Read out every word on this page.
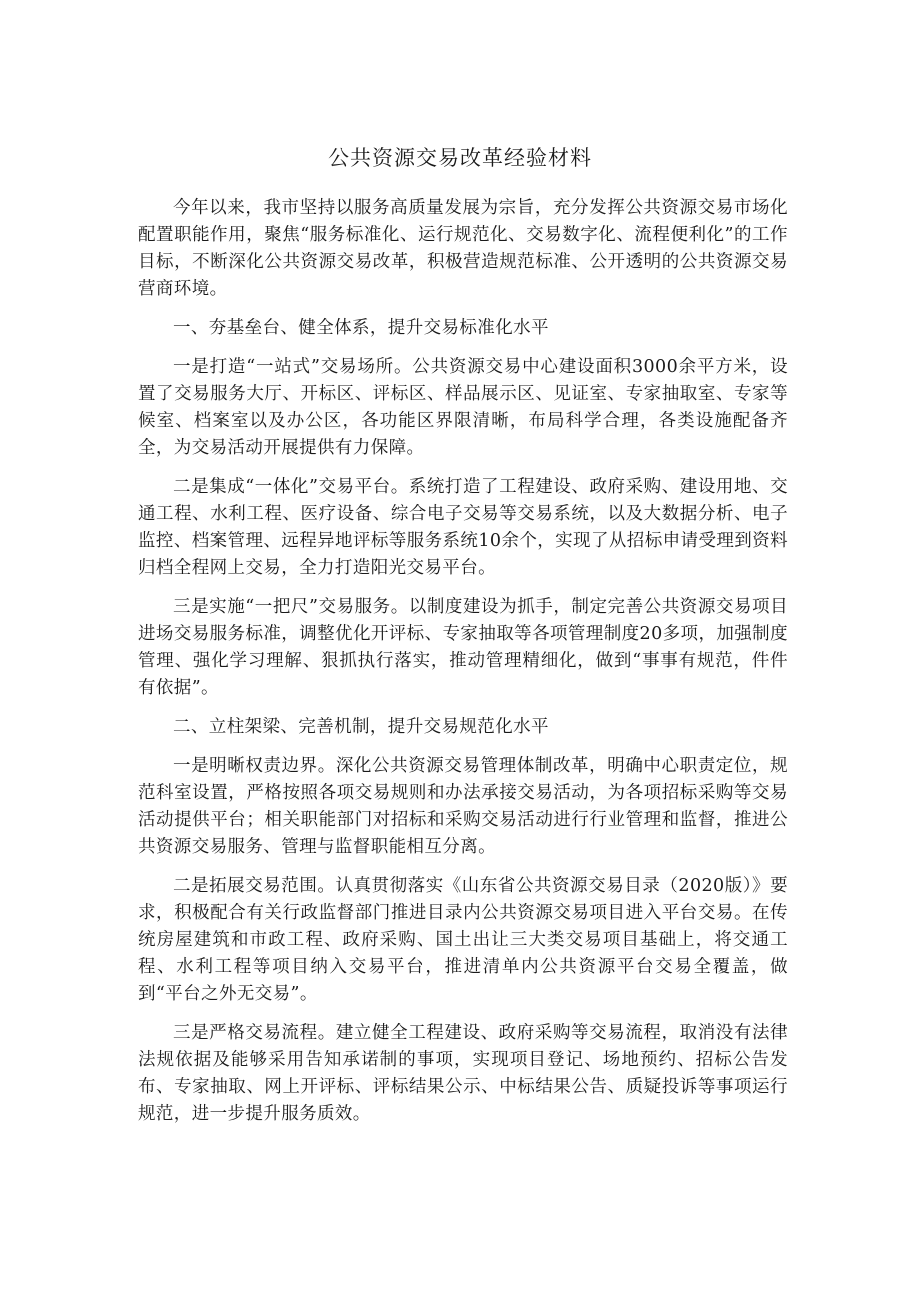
公共资源交易改革经验材料

今年以来，我市坚持以服务高质量发展为宗旨，充分发挥公共资源交易市场化配置职能作用，聚焦“服务标准化、运行规范化、交易数字化、流程便利化”的工作目标，不断深化公共资源交易改革，积极营造规范标准、公开透明的公共资源交易营商环境。

一、夯基垒台、健全体系，提升交易标准化水平

一是打造“一站式”交易场所。公共资源交易中心建设面积3000余平方米，设置了交易服务大厅、开标区、评标区、样品展示区、见证室、专家抽取室、专家等候室、档案室以及办公区，各功能区界限清晰，布局科学合理，各类设施配备齐全，为交易活动开展提供有力保障。

二是集成“一体化”交易平台。系统打造了工程建设、政府采购、建设用地、交通工程、水利工程、医疗设备、综合电子交易等交易系统，以及大数据分析、电子监控、档案管理、远程异地评标等服务系统10余个，实现了从招标申请受理到资料归档全程网上交易，全力打造阳光交易平台。

三是实施“一把尺”交易服务。以制度建设为抓手，制定完善公共资源交易项目进场交易服务标准，调整优化开评标、专家抽取等各项管理制度20多项，加强制度管理、强化学习理解、狠抓执行落实，推动管理精细化，做到“事事有规范，件件有依据”。

二、立柱架梁、完善机制，提升交易规范化水平

一是明晰权责边界。深化公共资源交易管理体制改革，明确中心职责定位，规范科室设置，严格按照各项交易规则和办法承接交易活动，为各项招标采购等交易活动提供平台；相关职能部门对招标和采购交易活动进行行业管理和监督，推进公共资源交易服务、管理与监督职能相互分离。

二是拓展交易范围。认真贯彻落实《山东省公共资源交易目录（2020版）》要求，积极配合有关行政监督部门推进目录内公共资源交易项目进入平台交易。在传统房屋建筑和市政工程、政府采购、国土出让三大类交易项目基础上，将交通工程、水利工程等项目纳入交易平台，推进清单内公共资源平台交易全覆盖，做到“平台之外无交易”。

三是严格交易流程。建立健全工程建设、政府采购等交易流程，取消没有法律法规依据及能够采用告知承诺制的事项，实现项目登记、场地预约、招标公告发布、专家抽取、网上开评标、评标结果公示、中标结果公告、质疑投诉等事项运行规范，进一步提升服务质效。
